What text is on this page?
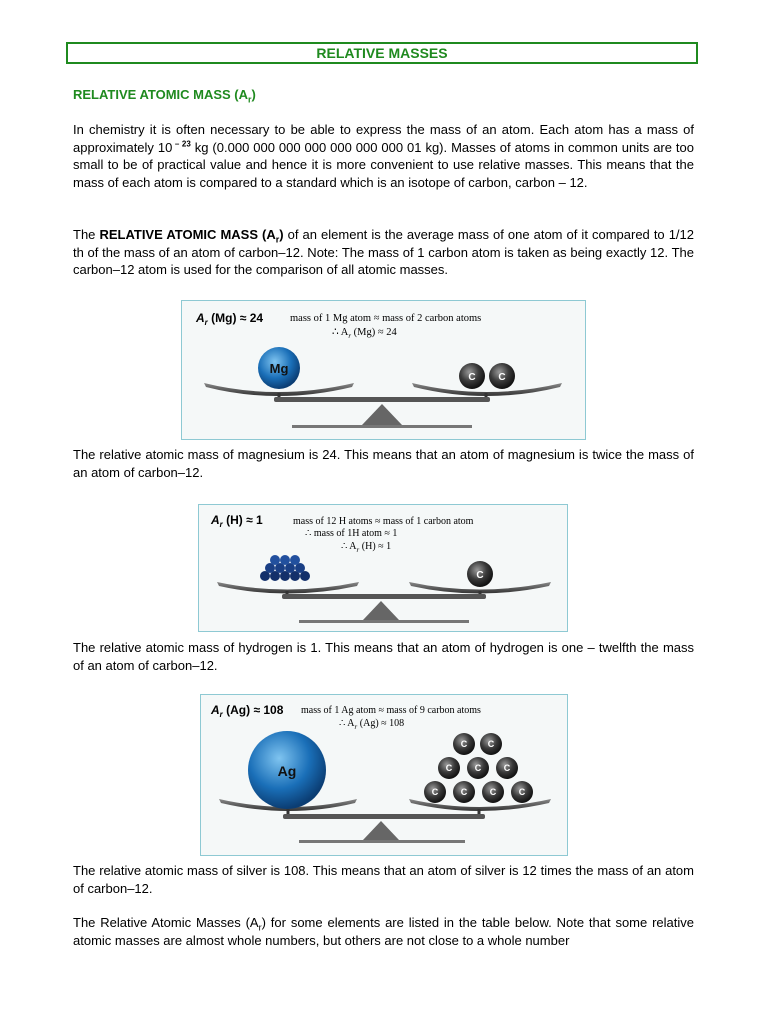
RELATIVE MASSES
RELATIVE ATOMIC MASS $(A_r)$
In chemistry it is often necessary to be able to express the mass of an atom. Each atom has a mass of approximately 10 $^{- 23}$ kg (0.000 000 000 000 000 000 000 01 kg). Masses of atoms in common units are too small to be of practical value and hence it is more convenient to use relative masses. This means that the mass of each atom is compared to a standard which is an isotope of carbon, carbon – 12.
The RELATIVE ATOMIC MASS $(A_r)$ of an element is the average mass of one atom of it compared to 1/12 th of the mass of an atom of carbon–12. Note: The mass of 1 carbon atom is taken as being exactly 12. The carbon–12 atom is used for the comparison of all atomic masses.
$A_r$ (Mg) ≈ 24	mass of 1 Mg atom ≈ mass of 2 carbon atoms
∴ $A_r$ (Mg) ≈ 24
Mg
C C
The relative atomic mass of magnesium is 24. This means that an atom of magnesium is twice the mass of an atom of carbon–12.
$A_r$ (H) ≈ 1	mass of 12 H atoms ≈ mass of 1 carbon atom
∴ mass of 1H atom ≈ 1
∴ $A_r$ (H) ≈ 1
C
The relative atomic mass of hydrogen is 1. This means that an atom of hydrogen is one – twelfth the mass of an atom of carbon–12.
$A_r$ (Ag) ≈ 108 mass of 1 Ag atom ≈ mass of 9 carbon atoms
∴ $A_r$ (Ag) ≈ 108
Ag
C C
C	C	C
C	C	C	C
The relative atomic mass of silver is 108. This means that an atom of silver is 12 times the mass of an atom of carbon–12.
The Relative Atomic Masses $(A_r)$ for some elements are listed in the table below. Note that some relative atomic masses are almost whole numbers, but others are not close to a whole number
